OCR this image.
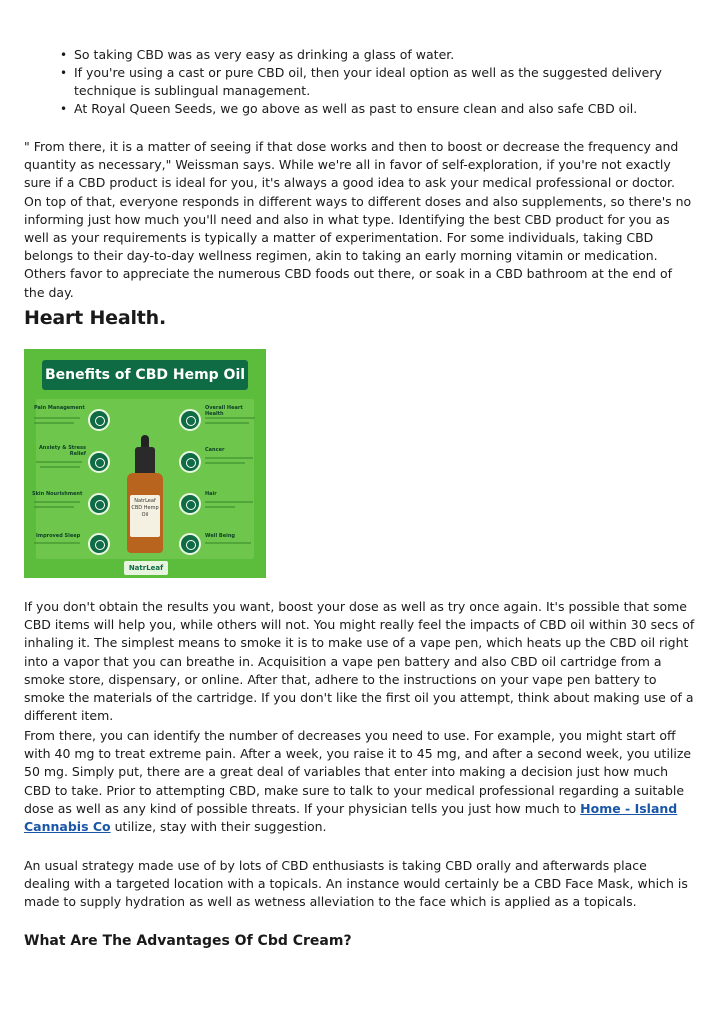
• So taking CBD was as very easy as drinking a glass of water.
• If you're using a cast or pure CBD oil, then your ideal option as well as the suggested delivery technique is sublingual management.
• At Royal Queen Seeds, we go above as well as past to ensure clean and also safe CBD oil.

" From there, it is a matter of seeing if that dose works and then to boost or decrease the frequency and quantity as necessary," Weissman says. While we're all in favor of self-exploration, if you're not exactly sure if a CBD product is ideal for you, it's always a good idea to ask your medical professional or doctor. On top of that, everyone responds in different ways to different doses and also supplements, so there's no informing just how much you'll need and also in what type. Identifying the best CBD product for you as well as your requirements is typically a matter of experimentation. For some individuals, taking CBD belongs to their day-to-day wellness regimen, akin to taking an early morning vitamin or medication. Others favor to appreciate the numerous CBD foods out there, or soak in a CBD bathroom at the end of the day.

Heart Health.
Benefits of CBD Hemp Oil
NatrLeaf CBD Hemp Oil
Pain Management
Anxiety & Stress Relief
Skin Nourishment
Improved Sleep
Overall Heart Health
Cancer
Hair
Well Being
NatrLeaf

If you don't obtain the results you want, boost your dose as well as try once again. It's possible that some CBD items will help you, while others will not. You might really feel the impacts of CBD oil within 30 secs of inhaling it. The simplest means to smoke it is to make use of a vape pen, which heats up the CBD oil right into a vapor that you can breathe in. Acquisition a vape pen battery and also CBD oil cartridge from a smoke store, dispensary, or online. After that, adhere to the instructions on your vape pen battery to smoke the materials of the cartridge. If you don't like the first oil you attempt, think about making use of a different item.

From there, you can identify the number of decreases you need to use. For example, you might start off with 40 mg to treat extreme pain. After a week, you raise it to 45 mg, and after a second week, you utilize 50 mg. Simply put, there are a great deal of variables that enter into making a decision just how much CBD to take. Prior to attempting CBD, make sure to talk to your medical professional regarding a suitable dose as well as any kind of possible threats. If your physician tells you just how much to Home - Island Cannabis Co utilize, stay with their suggestion.

An usual strategy made use of by lots of CBD enthusiasts is taking CBD orally and afterwards place dealing with a targeted location with a topicals. An instance would certainly be a CBD Face Mask, which is made to supply hydration as well as wetness alleviation to the face which is applied as a topicals.

What Are The Advantages Of Cbd Cream?
